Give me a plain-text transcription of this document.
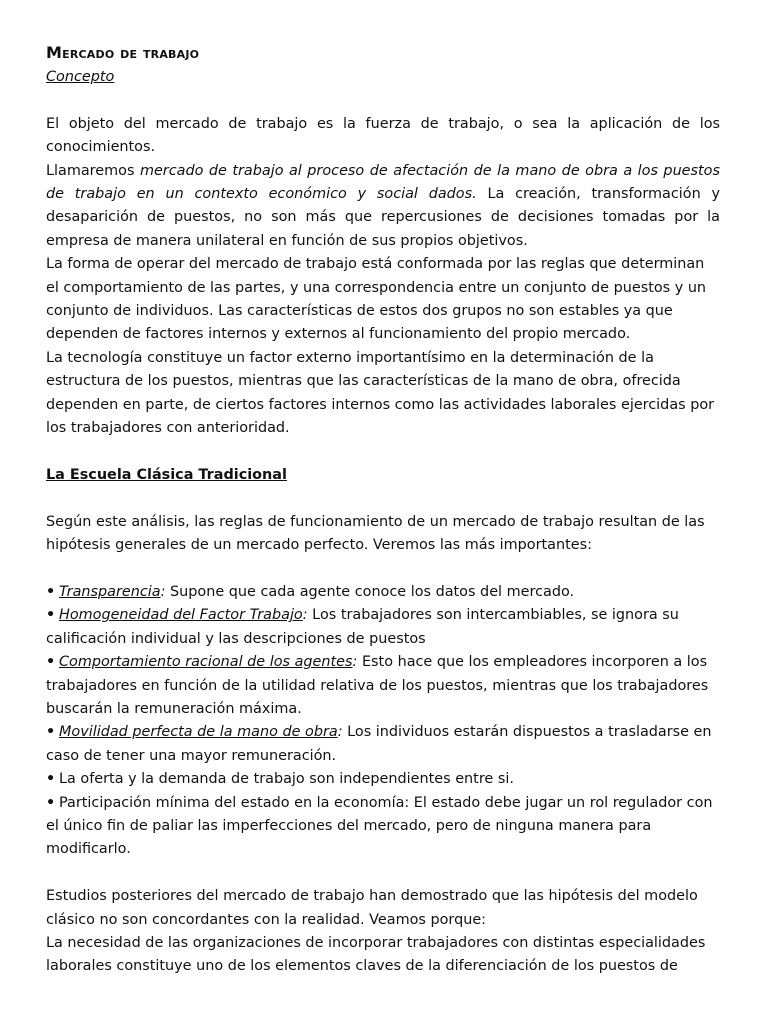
Mercado de trabajo

Concepto

El objeto del mercado de trabajo es la fuerza de trabajo, o sea la aplicación de los conocimientos.

Llamaremos mercado de trabajo al proceso de afectación de la mano de obra a los puestos de trabajo en un contexto económico y social dados. La creación, transformación y desaparición de puestos, no son más que repercusiones de decisiones tomadas por la empresa de manera unilateral en función de sus propios objetivos.

La forma de operar del mercado de trabajo está conformada por las reglas que determinan el comportamiento de las partes, y una correspondencia entre un conjunto de puestos y un conjunto de individuos. Las características de estos dos grupos no son estables ya que dependen de factores internos y externos al funcionamiento del propio mercado.

La tecnología constituye un factor externo importantísimo en la determinación de la estructura de los puestos, mientras que las características de la mano de obra, ofrecida dependen en parte, de ciertos factores internos como las actividades laborales ejercidas por los trabajadores con anterioridad.

La Escuela Clásica Tradicional

Según este análisis, las reglas de funcionamiento de un mercado de trabajo resultan de las hipótesis generales de un mercado perfecto. Veremos las más importantes:

• Transparencia: Supone que cada agente conoce los datos del mercado.
• Homogeneidad del Factor Trabajo: Los trabajadores son intercambiables, se ignora su calificación individual y las descripciones de puestos
• Comportamiento racional de los agentes: Esto hace que los empleadores incorporen a los trabajadores en función de la utilidad relativa de los puestos, mientras que los trabajadores buscarán la remuneración máxima.
• Movilidad perfecta de la mano de obra: Los individuos estarán dispuestos a trasladarse en caso de tener una mayor remuneración.
• La oferta y la demanda de trabajo son independientes entre si.
• Participación mínima del estado en la economía: El estado debe jugar un rol regulador con el único fin de paliar las imperfecciones del mercado, pero de ninguna manera para modificarlo.

Estudios posteriores del mercado de trabajo han demostrado que las hipótesis del modelo clásico no son concordantes con la realidad. Veamos porque:

La necesidad de las organizaciones de incorporar trabajadores con distintas especialidades laborales constituye uno de los elementos claves de la diferenciación de los puestos de
